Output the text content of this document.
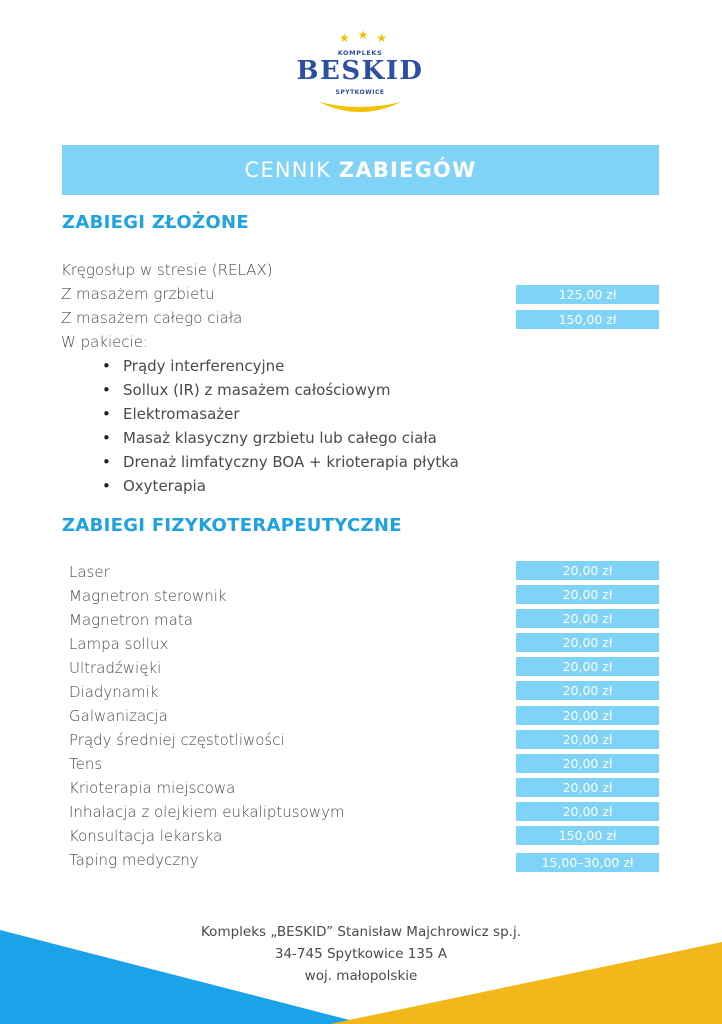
★ ★ ★
KOMPLEKS
BESKID
SPYTKOWICE
CENNIK ZABIEGÓW
ZABIEGI ZŁOŻONE
Kręgosłup w stresie (RELAX)
Z masażem grzbietu	125,00 zł
Z masażem całego ciała	150,00 zł
W pakiecie:
• Prądy interferencyjne
• Sollux (IR) z masażem całościowym
• Elektromasażer
• Masaż klasyczny grzbietu lub całego ciała
• Drenaż limfatyczny BOA + krioterapia płytka
• Oxyterapia
ZABIEGI FIZYKOTERAPEUTYCZNE
Laser	20,00 zł
Magnetron sterownik	20,00 zł
Magnetron mata	20,00 zł
Lampa sollux	20,00 zł
Ultradźwięki	20,00 zł
Diadynamik	20,00 zł
Galwanizacja	20,00 zł
Prądy średniej częstotliwości	20,00 zł
Tens	20,00 zł
Krioterapia miejscowa	20,00 zł
Inhalacja z olejkiem eukaliptusowym	20,00 zł
Konsultacja lekarska	150,00 zł
Taping medyczny	15,00–30,00 zł
Kompleks „BESKID” Stanisław Majchrowicz sp.j.
34-745 Spytkowice 135 A
woj. małopolskie
